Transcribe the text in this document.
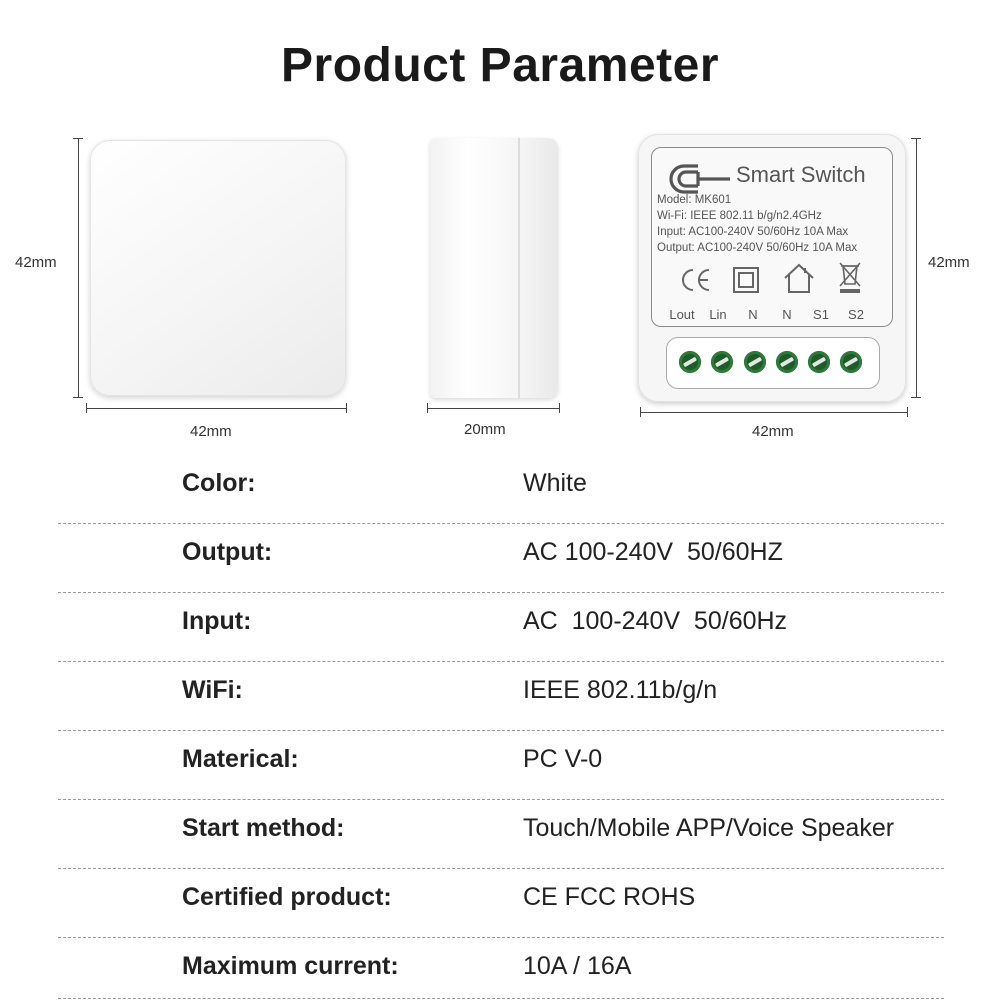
Product Parameter
42mm
42mm	20mm
Smart Switch
Model: MK601
Wi-Fi: IEEE 802.11 b/g/n2.4GHz
Input: AC100-240V 50/60Hz 10A Max
Output: AC100-240V 50/60Hz 10A Max
Lout	Lin	N	N	S1	S2
42mm
42mm
Color:	White
Output:	AC 100-240V  50/60HZ
Input:	AC  100-240V  50/60Hz
WiFi:	IEEE 802.11b/g/n
Materical:	PC V-0
Start method:	Touch/Mobile APP/Voice Speaker
Certified product:	CE FCC ROHS
Maximum current:	10A / 16A
